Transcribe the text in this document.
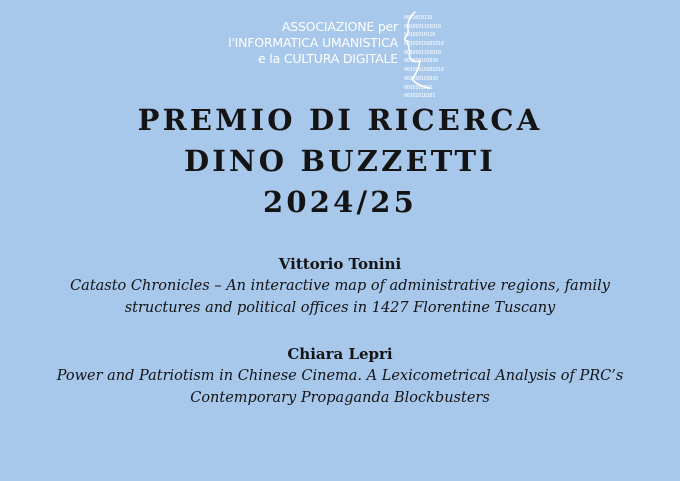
ASSOCIAZIONE per
l'INFORMATICA UMANISTICA
e la CULTURA DIGITALE
0001010110
0010101101010
00101010110
00101010101010
0010101101010
001010101010
00101010101010
001010101010
0010101011
00101010101
PREMIO DI RICERCA
DINO BUZZETTI
2024/25
Vittorio Tonini
Catasto Chronicles – An interactive map of administrative regions, family
structures and political offices in 1427 Florentine Tuscany
Chiara Lepri
Power and Patriotism in Chinese Cinema. A Lexicometrical Analysis of PRC’s
Contemporary Propaganda Blockbusters
